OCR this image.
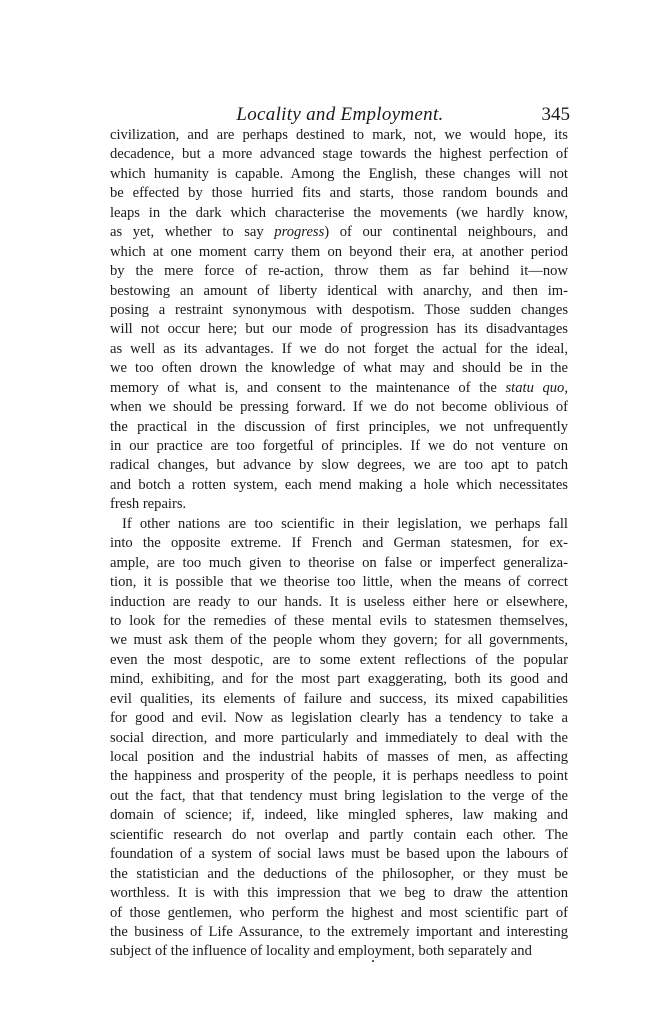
Locality and Employment.	345

civilization, and are perhaps destined to mark, not, we would hope, its

decadence, but a more advanced stage towards the highest perfection of

which humanity is capable. Among the English, these changes will not

be effected by those hurried fits and starts, those random bounds and

leaps in the dark which characterise the movements (we hardly know,

as yet, whether to say progress) of our continental neighbours, and

which at one moment carry them on beyond their era, at another period

by the mere force of re-action, throw them as far behind it—now

bestowing an amount of liberty identical with anarchy, and then im-

posing a restraint synonymous with despotism. Those sudden changes

will not occur here; but our mode of progression has its disadvantages

as well as its advantages. If we do not forget the actual for the ideal,

we too often drown the knowledge of what may and should be in the

memory of what is, and consent to the maintenance of the statu quo,

when we should be pressing forward. If we do not become oblivious of

the practical in the discussion of first principles, we not unfrequently

in our practice are too forgetful of principles. If we do not venture on

radical changes, but advance by slow degrees, we are too apt to patch

and botch a rotten system, each mend making a hole which necessitates

fresh repairs.

If other nations are too scientific in their legislation, we perhaps fall

into the opposite extreme. If French and German statesmen, for ex-

ample, are too much given to theorise on false or imperfect generaliza-

tion, it is possible that we theorise too little, when the means of correct

induction are ready to our hands. It is useless either here or elsewhere,

to look for the remedies of these mental evils to statesmen themselves,

we must ask them of the people whom they govern; for all governments,

even the most despotic, are to some extent reflections of the popular

mind, exhibiting, and for the most part exaggerating, both its good and

evil qualities, its elements of failure and success, its mixed capabilities

for good and evil. Now as legislation clearly has a tendency to take a

social direction, and more particularly and immediately to deal with the

local position and the industrial habits of masses of men, as affecting

the happiness and prosperity of the people, it is perhaps needless to point

out the fact, that that tendency must bring legislation to the verge of the

domain of science; if, indeed, like mingled spheres, law making and

scientific research do not overlap and partly contain each other. The

foundation of a system of social laws must be based upon the labours of

the statistician and the deductions of the philosopher, or they must be

worthless. It is with this impression that we beg to draw the attention

of those gentlemen, who perform the highest and most scientific part of

the business of Life Assurance, to the extremely important and interesting

subject of the influence of locality and employment, both separately and
